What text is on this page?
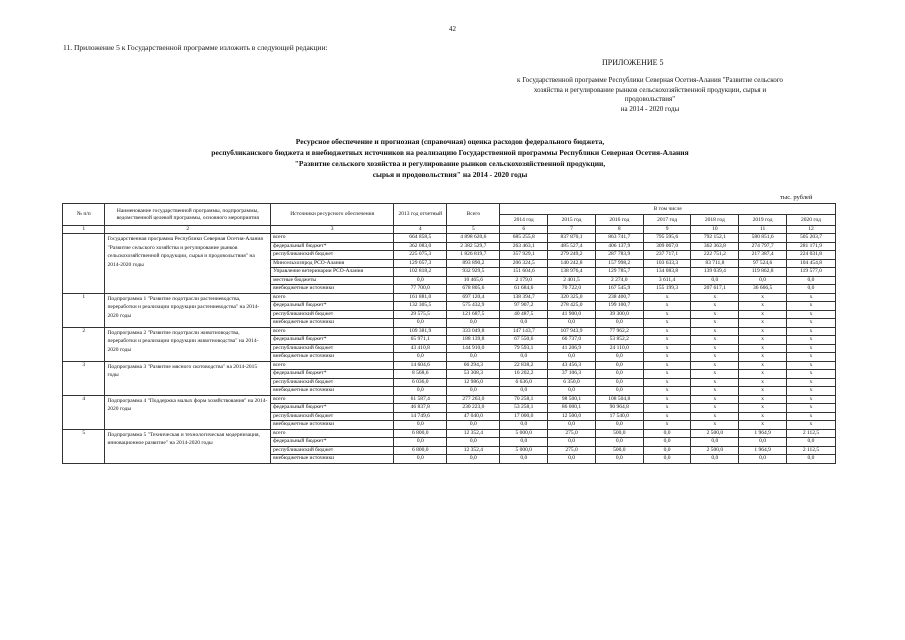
42
11. Приложение 5 к Государственной программе изложить в следующей редакции:
ПРИЛОЖЕНИЕ 5
к Государственной программе Республики Северная Осетия-Алания "Развитие сельского
хозяйства и регулирование рынков сельскохозяйственной продукции, сырья и
продовольствия"
на 2014 - 2020 годы
Ресурсное обеспечение и прогнозная (справочная) оценка расходов федерального бюджета,
республиканского бюджета и внебюджетных источников на реализацию Государственной программы Республики Северная Осетия-Алания
"Развитие сельского хозяйства и регулирование рынков сельскохозяйственной продукции,
сырья и продовольствия" на 2014 - 2020 годы
тыс. рублей
№ п/п	Наименование государственной программы, подпрограммы, ведомственной целевой программы, основного мероприятия	Источники ресурсного обеспечения	2013 год отчетный	Всего	В том числе						
					2014 год	2015 год	2016 год	2017 год	2018 год	2019 год	2020 год
1	2	3	4	5	6	7	8	9	10	11	12
	Государственная программа Республики Северная Осетия-Алания "Развитие сельского хозяйства и регулирование рынков сельскохозяйственной продукции, сырья и продовольствия" на 2014-2020 годы	всего	664 858,5	4 898 620,6	685 255,8	837 870,1	863 741,7	795 595,6	792 152,1	580 851,6	505 203,7
		федеральный бюджет*	362 083,0	2 382 529,7	263 463,1	485 527,4	406 137,9	309 067,0	362 363,8	274 797,7	281 171,9
		республиканский бюджет	225 075,3	1 826 819,7	357 929,1	279 249,2	287 783,9	237 717,1	222 751,2	217 387,4	224 031,8
		Минсельхозпрод РСО-Алания	129 057,3	893 890,2	206 324,5	140 242,8	157 998,2	103 633,3	83 711,8	97 524,6	104 454,8
		Управление ветеринарии РСО-Алания	102 818,2	932 929,5	151 604,6	138 976,4	129 785,7	134 083,8	139 039,4	119 862,8	119 577,0
		местные бюджеты	0,0	10 465,6	2 179,0	2 401,5	2 274,0	3 611,4	0,0	0,0	0,0
		внебюджетные источники	77 700,0	678 805,6	61 684,6	70 722,0	167 545,9	155 199,3	207 617,1	36 666,5	0,0
1	Подпрограмма 1 "Развитие подотрасли растениеводства, переработки и реализации продукции растениеводства" на 2014-2020 годы	всего	161 881,0	697 120,4	138 394,7	320 325,0	238 400,7	x	x	x	x
		федеральный бюджет*	132 305,5	575 432,9	97 907,2	278 425,0	199 100,7	x	x	x	x
		республиканский бюджет	29 575,5	121 687,5	40 487,5	41 900,0	39 300,0	x	x	x	x
		внебюджетные источники	0,0	0,0	0,0	0,0	0,0	x	x	x	x
2	Подпрограмма 2 "Развитие подотрасли животноводства, переработки и реализации продукции животноводства" на 2014-2020 годы	всего	109 381,9	333 049,8	147 143,7	107 943,9	77 962,2	x	x	x	x
		федеральный бюджет*	65 971,1	188 139,8	67 550,6	66 737,0	53 852,2	x	x	x	x
		республиканский бюджет	43 410,8	144 910,0	79 593,1	41 206,9	24 110,0	x	x	x	x
		внебюджетные источники	0,0	0,0	0,0	0,0	0,0	x	x	x	x
3	Подпрограмма 3 "Развитие мясного скотоводства" на 2014-2015 годы	всего	14 604,6	66 294,3	22 838,2	43 456,3	0,0	x	x	x	x
		федеральный бюджет*	8 568,6	53 308,3	16 202,2	37 106,3	0,0	x	x	x	x
		республиканский бюджет	6 036,0	12 986,0	6 636,0	6 350,0	0,0	x	x	x	x
		внебюджетные источники	0,0	0,0	0,0	0,0	0,0	x	x	x	x
4	Подпрограмма 4 "Поддержка малых форм хозяйствования" на 2014-2020 годы	всего	61 587,4	277 263,0	70 258,1	98 500,1	108 504,8	x	x	x	x
		федеральный бюджет*	46 837,8	230 223,0	53 258,1	86 000,1	90 964,8	x	x	x	x
		республиканский бюджет	14 749,6	47 040,0	17 000,0	12 500,0	17 540,0	x	x	x	x
		внебюджетные источники	0,0	0,0	0,0	0,0	0,0	x	x	x	x
5	Подпрограмма 5 "Техническая и технологическая модернизация, инновационное развитие" на 2014-2020 годы	всего	6 800,0	12 352,4	5 000,0	275,0	500,0	0,0	2 500,0	1 964,9	2 112,5
		федеральный бюджет*	0,0	0,0	0,0	0,0	0,0	0,0	0,0	0,0	0,0
		республиканский бюджет	6 800,0	12 352,4	5 000,0	275,0	500,0	0,0	2 500,0	1 964,9	2 112,5
		внебюджетные источники	0,0	0,0	0,0	0,0	0,0	0,0	0,0	0,0	0,0
